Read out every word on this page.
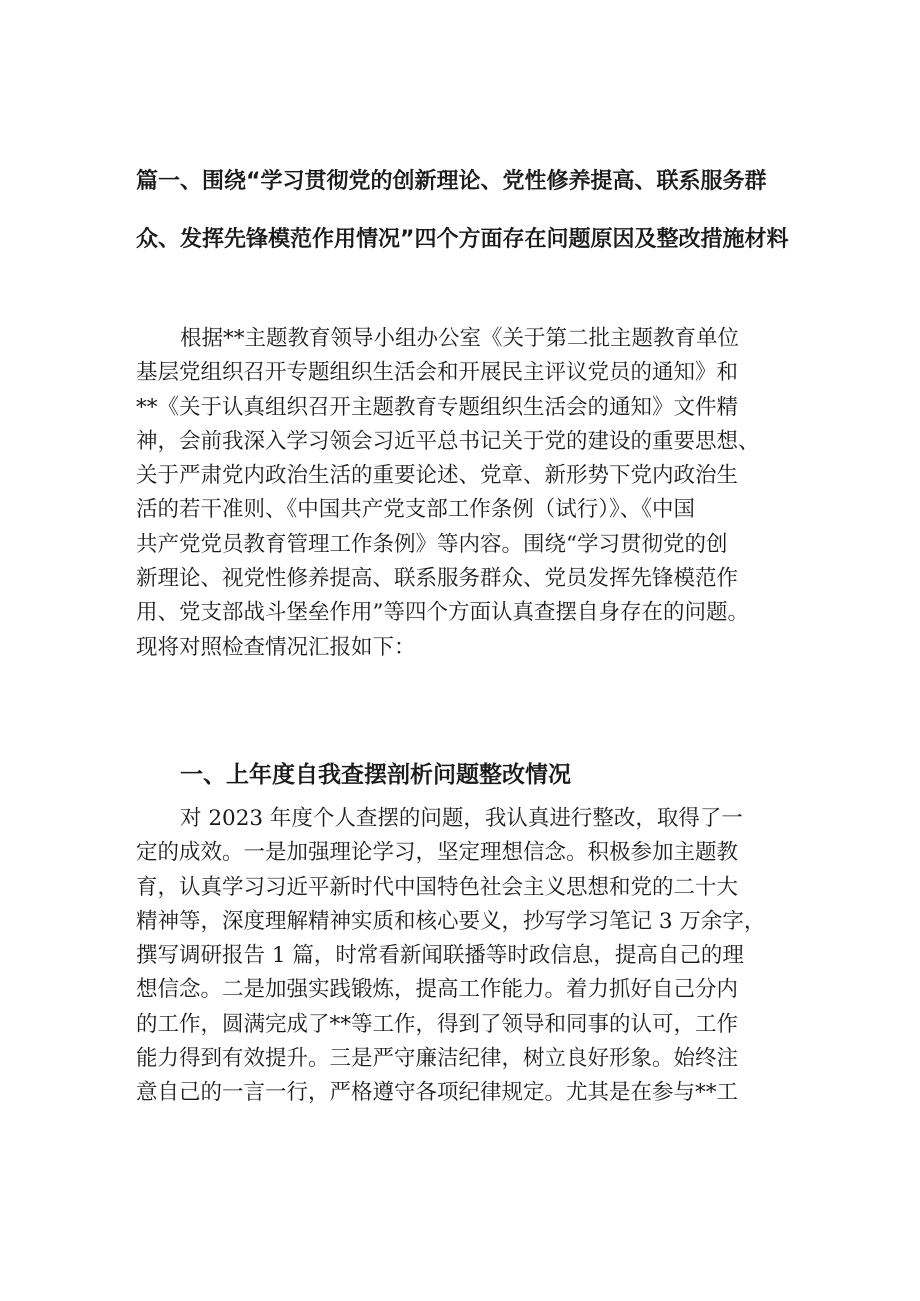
篇一、围绕“学习贯彻党的创新理论、党性修养提高、联系服务群
众、发挥先锋模范作用情况”四个方面存在问题原因及整改措施材料

根据**主题教育领导小组办公室《关于第二批主题教育单位
基层党组织召开专题组织生活会和开展民主评议党员的通知》和
**《关于认真组织召开主题教育专题组织生活会的通知》文件精
神，会前我深入学习领会习近平总书记关于党的建设的重要思想、
关于严肃党内政治生活的重要论述、党章、新形势下党内政治生
活的若干准则、《中国共产党支部工作条例（试行）》、《中国
共产党党员教育管理工作条例》等内容。围绕“学习贯彻党的创
新理论、视党性修养提高、联系服务群众、党员发挥先锋模范作
用、党支部战斗堡垒作用”等四个方面认真查摆自身存在的问题。
现将对照检查情况汇报如下：

一、上年度自我查摆剖析问题整改情况

对 2023 年度个人查摆的问题，我认真进行整改，取得了一
定的成效。一是加强理论学习，坚定理想信念。积极参加主题教
育，认真学习习近平新时代中国特色社会主义思想和党的二十大
精神等，深度理解精神实质和核心要义，抄写学习笔记 3 万余字，
撰写调研报告 1 篇，时常看新闻联播等时政信息，提高自己的理
想信念。二是加强实践锻炼，提高工作能力。着力抓好自己分内
的工作，圆满完成了**等工作，得到了领导和同事的认可，工作
能力得到有效提升。三是严守廉洁纪律，树立良好形象。始终注
意自己的一言一行，严格遵守各项纪律规定。尤其是在参与**工
